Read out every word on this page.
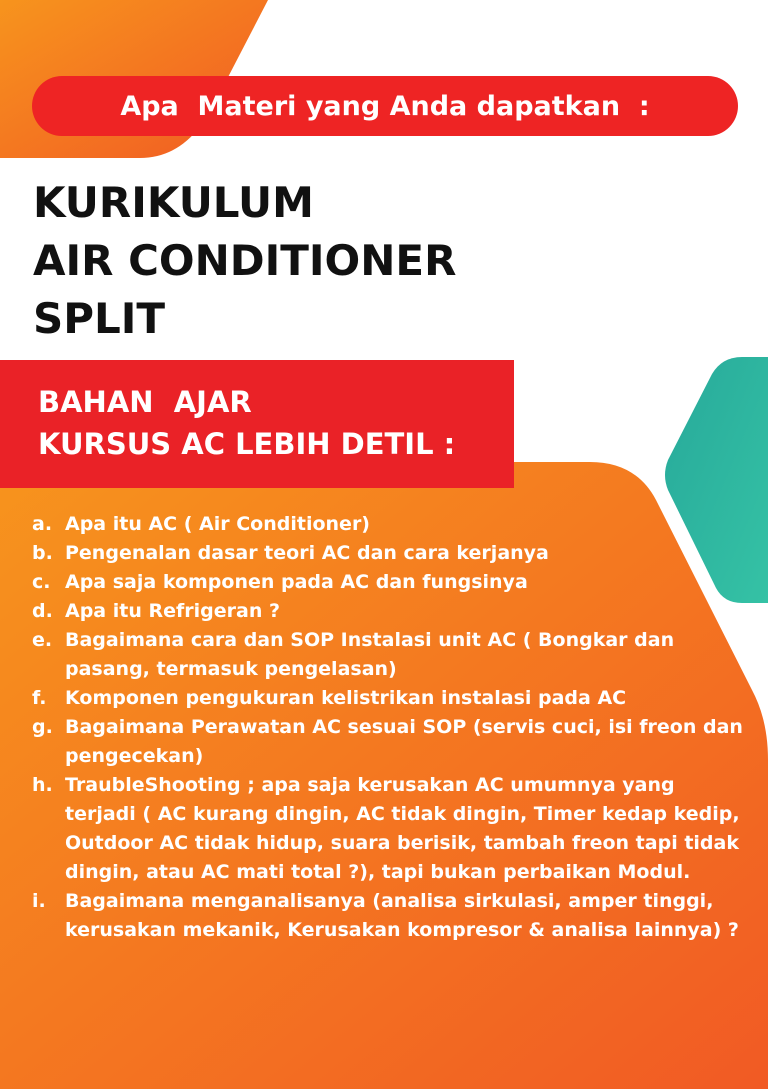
Apa  Materi yang Anda dapatkan  :
KURIKULUM
AIR CONDITIONER
SPLIT
BAHAN  AJAR
KURSUS AC LEBIH DETIL :
a. Apa itu AC ( Air Conditioner)
b. Pengenalan dasar teori AC dan cara kerjanya
c. Apa saja komponen pada AC dan fungsinya
d. Apa itu Refrigeran ?
e. Bagaimana cara dan SOP Instalasi unit AC ( Bongkar dan pasang, termasuk pengelasan)
f. Komponen pengukuran kelistrikan instalasi pada AC
g. Bagaimana Perawatan AC sesuai SOP (servis cuci, isi freon dan pengecekan)
h. TraubleShooting ; apa saja kerusakan AC umumnya yang terjadi ( AC kurang dingin, AC tidak dingin, Timer kedap kedip, Outdoor AC tidak hidup, suara berisik, tambah freon tapi tidak dingin, atau AC mati total ?), tapi bukan perbaikan Modul.
i.	Bagaimana menganalisanya (analisa sirkulasi, amper tinggi, kerusakan mekanik, Kerusakan kompresor & analisa lainnya) ?
